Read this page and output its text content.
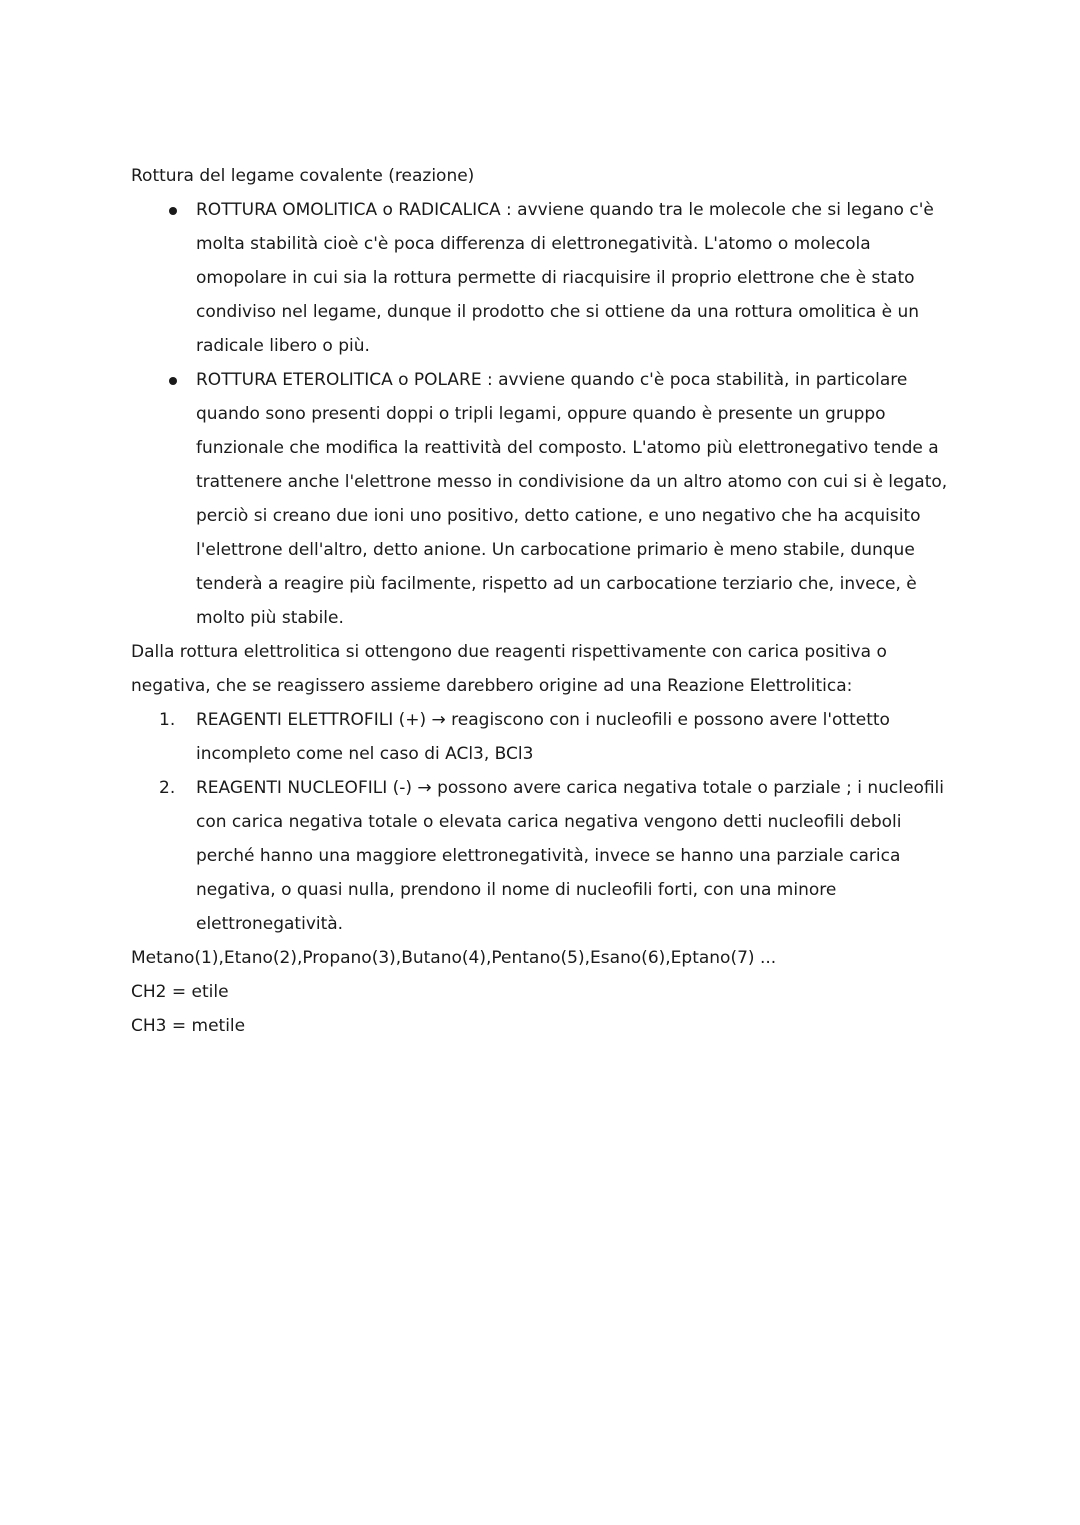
Rottura del legame covalente (reazione)

ROTTURA OMOLITICA o RADICALICA : avviene quando tra le molecole che si legano c'è molta stabilità cioè c'è poca differenza di elettronegatività. L'atomo o molecola omopolare in cui sia la rottura permette di riacquisire il proprio elettrone che è stato condiviso nel legame, dunque il prodotto che si ottiene da una rottura omolitica è un radicale libero o più.
ROTTURA ETEROLITICA o POLARE : avviene quando c'è poca stabilità, in particolare quando sono presenti doppi o tripli legami, oppure quando è presente un gruppo funzionale che modifica la reattività del composto. L'atomo più elettronegativo tende a trattenere anche l'elettrone messo in condivisione da un altro atomo con cui si è legato, perciò si creano due ioni uno positivo, detto catione, e uno negativo che ha acquisito l'elettrone dell'altro, detto anione. Un carbocatione primario è meno stabile, dunque tenderà a reagire più facilmente, rispetto ad un carbocatione terziario che, invece, è molto più stabile.

Dalla rottura elettrolitica si ottengono due reagenti rispettivamente con carica positiva o negativa, che se reagissero assieme darebbero origine ad una Reazione Elettrolitica:

1. REAGENTI ELETTROFILI (+) → reagiscono con i nucleofili e possono avere l'ottetto incompleto come nel caso di ACl3, BCl3
2. REAGENTI NUCLEOFILI (-) → possono avere carica negativa totale o parziale ; i nucleofili con carica negativa totale o elevata carica negativa vengono detti nucleofili deboli perché hanno una maggiore elettronegatività, invece se hanno una parziale carica negativa, o quasi nulla, prendono il nome di nucleofili forti, con una minore elettronegatività.

Metano(1),Etano(2),Propano(3),Butano(4),Pentano(5),Esano(6),Eptano(7) ...

CH2 = etile

CH3 = metile
